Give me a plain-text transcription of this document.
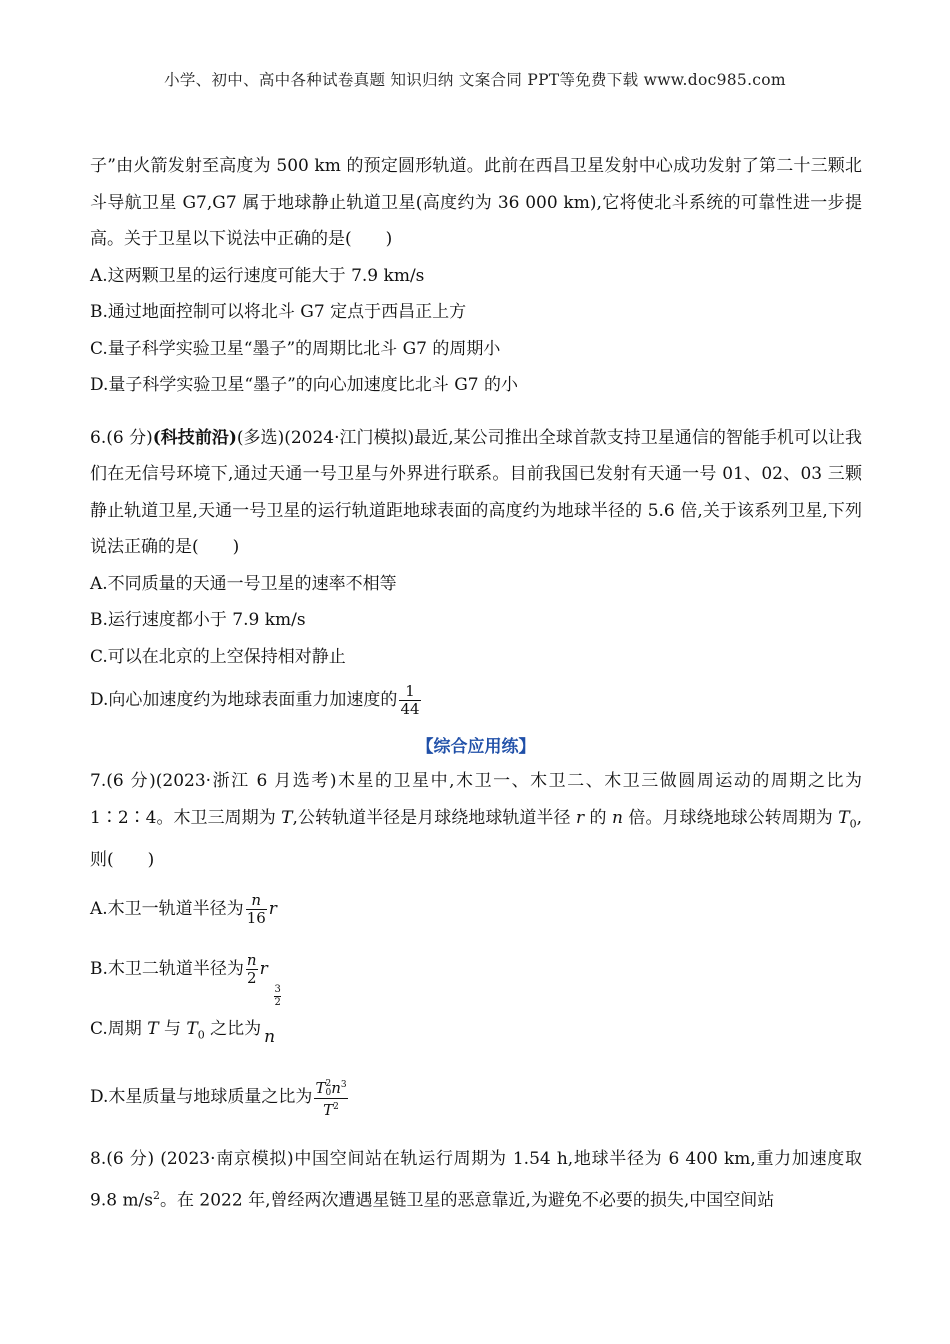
小学、初中、高中各种试卷真题 知识归纳 文案合同 PPT等免费下载 www.doc985.com

子”由火箭发射至高度为 500 km 的预定圆形轨道。此前在西昌卫星发射中心成功发射了第二十三颗北斗导航卫星 G7,G7 属于地球静止轨道卫星(高度约为 36 000 km),它将使北斗系统的可靠性进一步提高。关于卫星以下说法中正确的是(　　)

A.这两颗卫星的运行速度可能大于 7.9 km/s

B.通过地面控制可以将北斗 G7 定点于西昌正上方

C.量子科学实验卫星“墨子”的周期比北斗 G7 的周期小

D.量子科学实验卫星“墨子”的向心加速度比北斗 G7 的小

6.(6 分)(科技前沿)(多选)(2024·江门模拟)最近,某公司推出全球首款支持卫星通信的智能手机可以让我们在无信号环境下,通过天通一号卫星与外界进行联系。目前我国已发射有天通一号 01、02、03 三颗静止轨道卫星,天通一号卫星的运行轨道距地球表面的高度约为地球半径的 5.6 倍,关于该系列卫星,下列说法正确的是(　　)

A.不同质量的天通一号卫星的速率不相等

B.运行速度都小于 7.9 km/s

C.可以在北京的上空保持相对静止

D.向心加速度约为地球表面重力加速度的 $\frac{1}{44}$

【综合应用练】

7.(6 分)(2023·浙江 6 月选考)木星的卫星中,木卫一、木卫二、木卫三做圆周运动的周期之比为 1∶2∶4。木卫三周期为 T,公转轨道半径是月球绕地球轨道半径 r 的 n 倍。月球绕地球公转周期为 $T_0$,则(　　)

A.木卫一轨道半径为 $\frac{n}{16}$ r

B.木卫二轨道半径为 $\frac{n}{2}$ r

C.周期 T 与 $T_0$ 之比为 n
3
2

D.木星质量与地球质量之比为 T 2
0 $n^3$
$T^2$

8.(6 分) (2023·南京模拟)中国空间站在轨运行周期为 1.54 h,地球半径为 6 400 km,重力加速度取 9.8 $m/s^2$。在 2022 年,曾经两次遭遇星链卫星的恶意靠近,为避免不必要的损失,中国空间站
